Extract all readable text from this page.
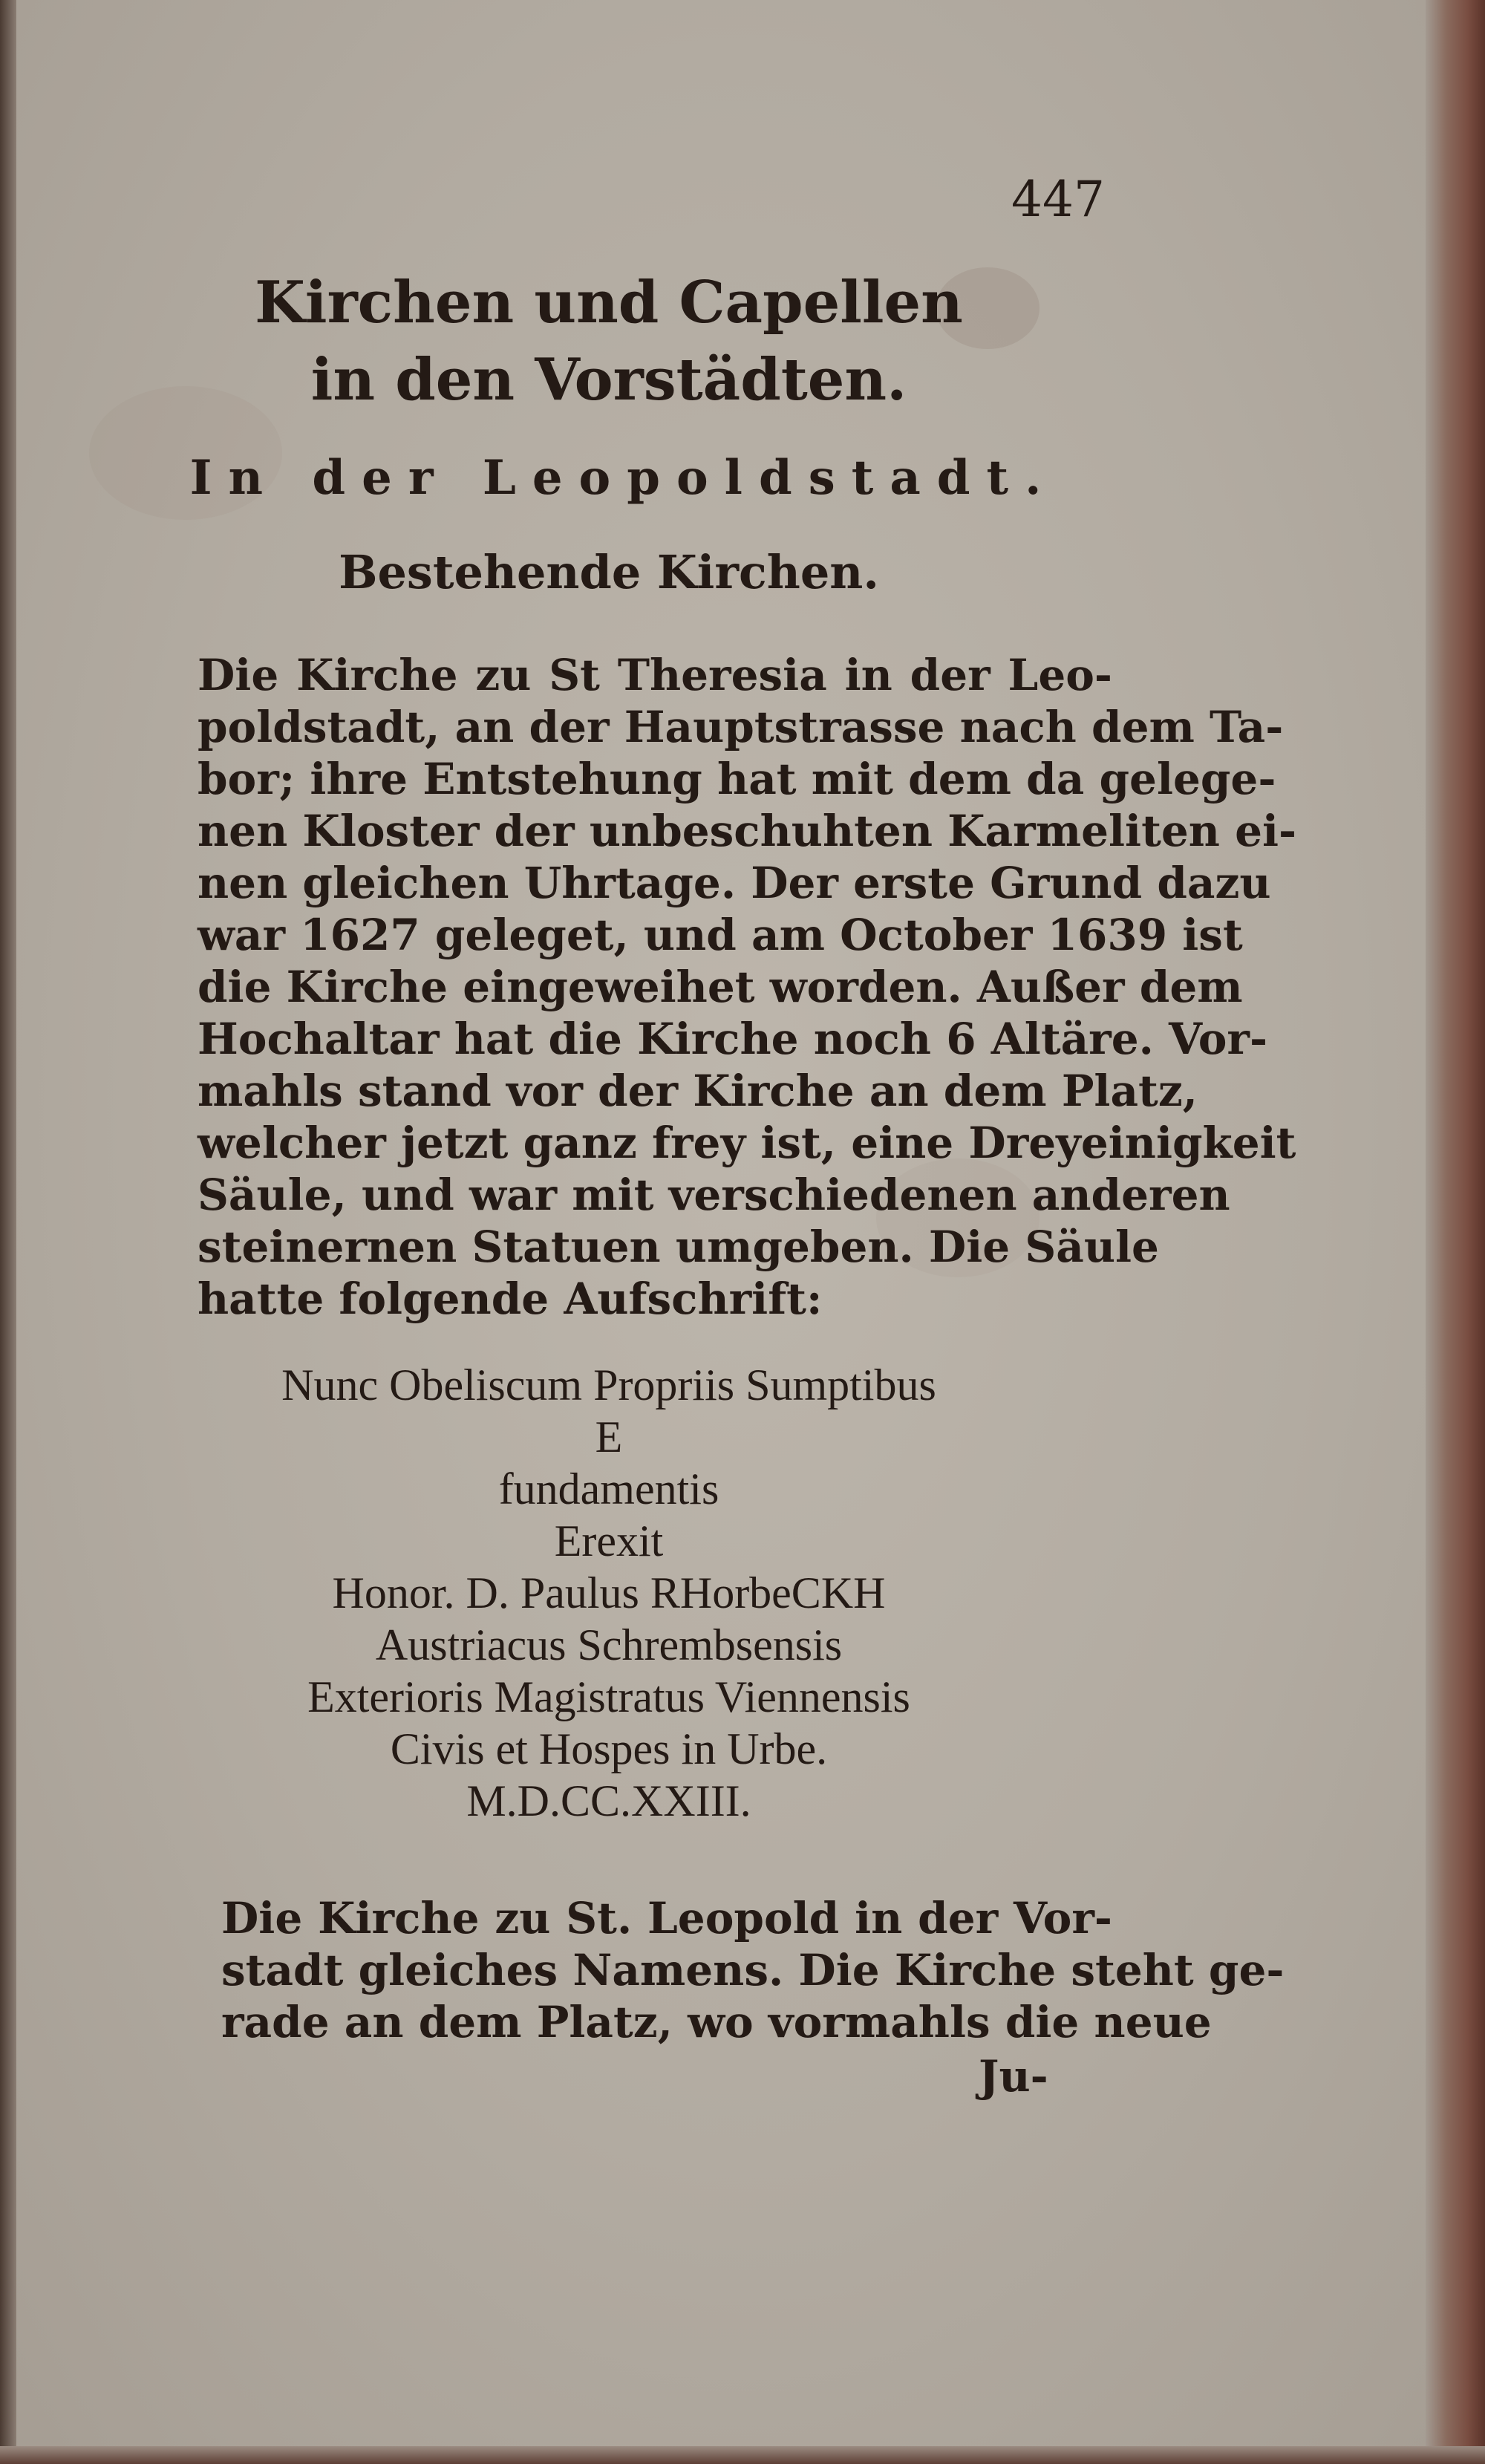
447
Kirchen und Capellen
in den Vorstädten.
In der Leopoldstadt.
Bestehende Kirchen.
Die Kirche zu St Theresia in der Leo-
poldstadt, an der Hauptstrasse nach dem Ta-
bor; ihre Entstehung hat mit dem da gelege-
nen Kloster der unbeschuhten Karmeliten ei-
nen gleichen Uhrtage. Der erste Grund dazu
war 1627 geleget, und am October 1639 ist
die Kirche eingeweihet worden. Außer dem
Hochaltar hat die Kirche noch 6 Altäre. Vor-
mahls stand vor der Kirche an dem Platz,
welcher jetzt ganz frey ist, eine Dreyeinigkeit
Säule, und war mit verschiedenen anderen
steinernen Statuen umgeben. Die Säule
hatte folgende Aufschrift:
Nunc Obeliscum Propriis Sumptibus
E
fundamentis
Erexit
Honor. D. Paulus RHorbeCKH
Austriacus Schrembsensis
Exterioris Magistratus Viennensis
Civis et Hospes in Urbe.
M.D.CC.XXIII.
Die Kirche zu St. Leopold in der Vor-
stadt gleiches Namens. Die Kirche steht ge-
rade an dem Platz, wo vormahls die neue
Ju-
